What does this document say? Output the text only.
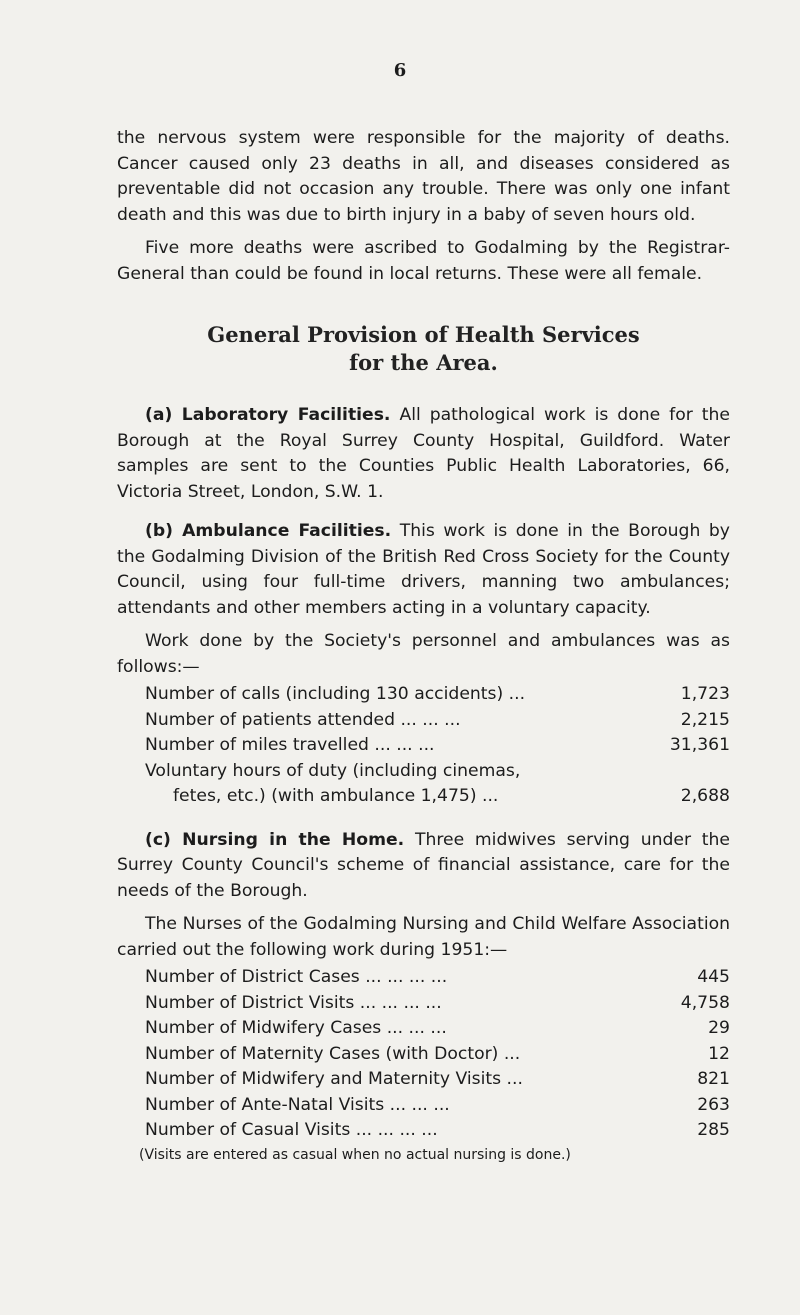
6

the nervous system were responsible for the majority of deaths. Cancer caused only 23 deaths in all, and diseases considered as preventable did not occasion any trouble. There was only one infant death and this was due to birth injury in a baby of seven hours old.

Five more deaths were ascribed to Godalming by the Registrar-General than could be found in local returns. These were all female.

General Provision of Health Services
for the Area.

(a) Laboratory Facilities. All pathological work is done for the Borough at the Royal Surrey County Hospital, Guildford. Water samples are sent to the Counties Public Health Laboratories, 66, Victoria Street, London, S.W. 1.

(b) Ambulance Facilities. This work is done in the Borough by the Godalming Division of the British Red Cross Society for the County Council, using four full-time drivers, manning two ambulances; attendants and other members acting in a voluntary capacity.

Work done by the Society's personnel and ambulances was as follows:—

Number of calls (including 130 accidents) ...	1,723
Number of patients attended ... ... ...	2,215
Number of miles travelled ... ... ...	31,361
Voluntary hours of duty (including cinemas,
fetes, etc.) (with ambulance 1,475) ...	2,688

(c) Nursing in the Home. Three midwives serving under the Surrey County Council's scheme of financial assistance, care for the needs of the Borough.

The Nurses of the Godalming Nursing and Child Welfare Association carried out the following work during 1951:—

Number of District Cases ... ... ... ...	445
Number of District Visits ... ... ... ...	4,758
Number of Midwifery Cases ... ... ...	29
Number of Maternity Cases (with Doctor) ...	12
Number of Midwifery and Maternity Visits ...	821
Number of Ante-Natal Visits ... ... ...	263
Number of Casual Visits ... ... ... ...	285

(Visits are entered as casual when no actual nursing is done.)
